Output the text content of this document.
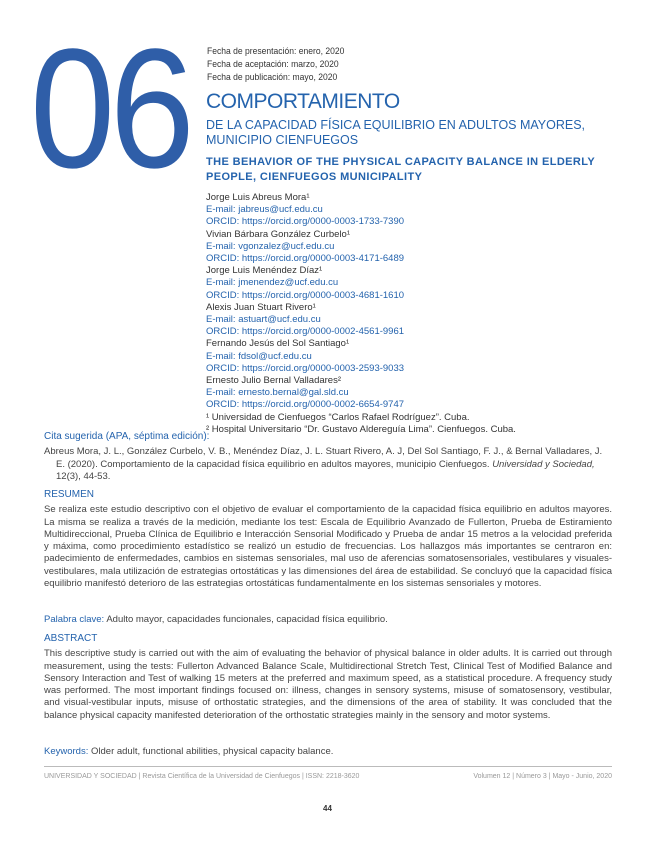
06 Fecha de presentación: enero, 2020
Fecha de aceptación: marzo, 2020
Fecha de publicación: mayo, 2020
COMPORTAMIENTO
DE LA CAPACIDAD FÍSICA EQUILIBRIO EN ADULTOS MAYORES, MUNICIPIO CIENFUEGOS
THE BEHAVIOR OF THE PHYSICAL CAPACITY BALANCE IN ELDERLY PEOPLE, CIENFUEGOS MUNICIPALITY
Jorge Luis Abreus Mora¹
E-mail: jabreus@ucf.edu.cu
ORCID: https://orcid.org/0000-0003-1733-7390
Vivian Bárbara González Curbelo¹
E-mail: vgonzalez@ucf.edu.cu
ORCID: https://orcid.org/0000-0003-4171-6489
Jorge Luis Menéndez Díaz¹
E-mail: jmenendez@ucf.edu.cu
ORCID: https://orcid.org/0000-0003-4681-1610
Alexis Juan Stuart Rivero¹
E-mail: astuart@ucf.edu.cu
ORCID: https://orcid.org/0000-0002-4561-9961
Fernando Jesús del Sol Santiago¹
E-mail: fdsol@ucf.edu.cu
ORCID: https://orcid.org/0000-0003-2593-9033
Ernesto Julio Bernal Valladares²
E-mail: ernesto.bernal@gal.sld.cu
ORCID: https://orcid.org/0000-0002-6654-9747
¹ Universidad de Cienfuegos “Carlos Rafael Rodríguez”. Cuba.
² Hospital Universitario “Dr. Gustavo Aldereguía Lima”. Cienfuegos. Cuba.
Cita sugerida (APA, séptima edición):
Abreus Mora, J. L., González Curbelo, V. B., Menéndez Díaz, J. L. Stuart Rivero, A. J, Del Sol Santiago, F. J., & Bernal Valladares, J. E. (2020). Comportamiento de la capacidad física equilibrio en adultos mayores, municipio Cienfuegos. Universidad y Sociedad, 12(3), 44-53.
RESUMEN
Se realiza este estudio descriptivo con el objetivo de evaluar el comportamiento de la capacidad física equilibrio en adultos mayores. La misma se realiza a través de la medición, mediante los test: Escala de Equilibrio Avanzado de Fullerton, Prueba de Estiramiento Multidireccional, Prueba Clínica de Equilibrio e Interacción Sensorial Modificado y Prueba de andar 15 metros a la velocidad preferida y máxima, como procedimiento estadístico se realizó un estudio de frecuencias. Los hallazgos más importantes se centraron en: padecimiento de enfermedades, cambios en sistemas sensoriales, mal uso de aferencias somatosensoriales, vestibulares y visuales-vestibulares, mala utilización de estrategias ortostáticas y las dimensiones del área de estabilidad. Se concluyó que la capacidad física equilibrio manifestó deterioro de las estrategias ortostáticas fundamentalmente en los sistemas sensoriales y motores.
Palabra clave: Adulto mayor, capacidades funcionales, capacidad física equilibrio.
ABSTRACT
This descriptive study is carried out with the aim of evaluating the behavior of physical balance in older adults. It is carried out through measurement, using the tests: Fullerton Advanced Balance Scale, Multidirectional Stretch Test, Clinical Test of Modified Balance and Sensory Interaction and Test of walking 15 meters at the preferred and maximum speed, as a statistical procedure. A frequency study was performed. The most important findings focused on: illness, changes in sensory systems, misuse of somatosensory, vestibular, and visual-vestibular inputs, misuse of orthostatic strategies, and the dimensions of the area of stability. It was concluded that the balance physical capacity manifested deterioration of the orthostatic strategies mainly in the sensory and motor systems.
Keywords: Older adult, functional abilities, physical capacity balance.
UNIVERSIDAD Y SOCIEDAD | Revista Científica de la Universidad de Cienfuegos | ISSN: 2218-3620	Volumen 12 | Número 3 | Mayo - Junio, 2020
44
